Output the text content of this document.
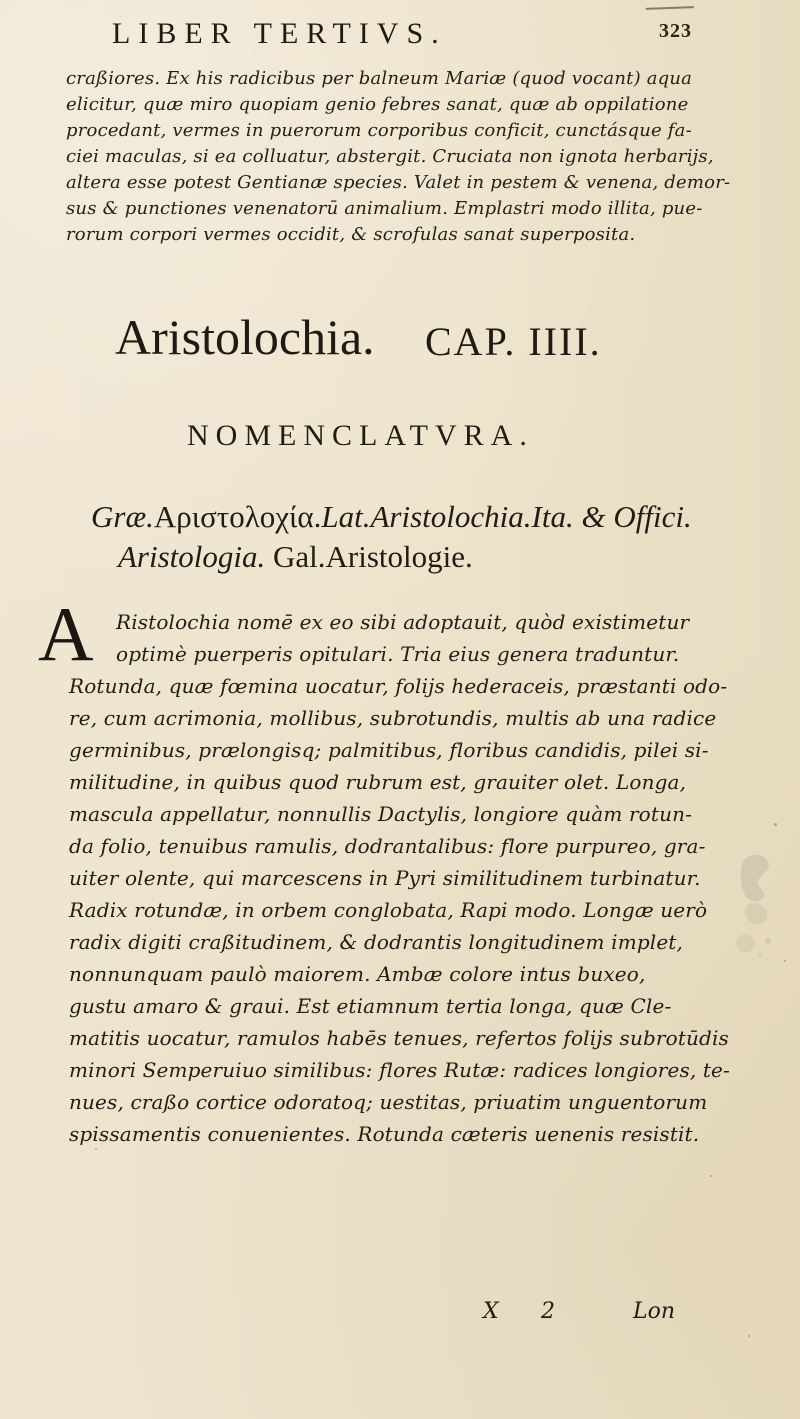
LIBER TERTIVS.	323
craßiores. Ex his radicibus per balneum Mariæ (quod vocant) aqua
elicitur, quæ miro quopiam genio febres sanat, quæ ab oppilatione
procedant, vermes in puerorum corporibus conficit, cunctásque fa-
ciei maculas, si ea colluatur, abstergit. Cruciata non ignota herbarijs,
altera esse potest Gentianæ species. Valet in pestem & venena, demor-
sus & punctiones venenatorū animalium. Emplastri modo illita, pue-
rorum corpori vermes occidit, & scrofulas sanat superposita.
Aristolochia. CAP. IIII.
NOMENCLATVRA.
Græ.Αριστολοχία.Lat.Aristolochia.Ita. & Offici.
Aristologia. Gal.Aristologie.
A	Ristolochia nomē ex eo sibi adoptauit, quòd existimetur
optimè puerperis opitulari. Tria eius genera traduntur.
Rotunda, quæ fœmina uocatur, folijs hederaceis, præstanti odo-
re, cum acrimonia, mollibus, subrotundis, multis ab una radice
germinibus, prælongisq; palmitibus, floribus candidis, pilei si-
militudine, in quibus quod rubrum est, grauiter olet. Longa,
mascula appellatur, nonnullis Dactylis, longiore quàm rotun-
da folio, tenuibus ramulis, dodrantalibus: flore purpureo, gra-
uiter olente, qui marcescens in Pyri similitudinem turbinatur.
Radix rotundæ, in orbem conglobata, Rapi modo. Longæ uerò
radix digiti craßitudinem, & dodrantis longitudinem implet,
nonnunquam paulò maiorem. Ambæ colore intus buxeo,
gustu amaro & graui. Est etiamnum tertia longa, quæ Cle-
matitis uocatur, ramulos habēs tenues, refertos folijs subrotūdis
minori Semperuiuo similibus: flores Rutæ: radices longiores, te-
nues, craßo cortice odoratoq; uestitas, priuatim unguentorum
spissamentis conuenientes. Rotunda cæteris uenenis resistit.
X 2	Lon
